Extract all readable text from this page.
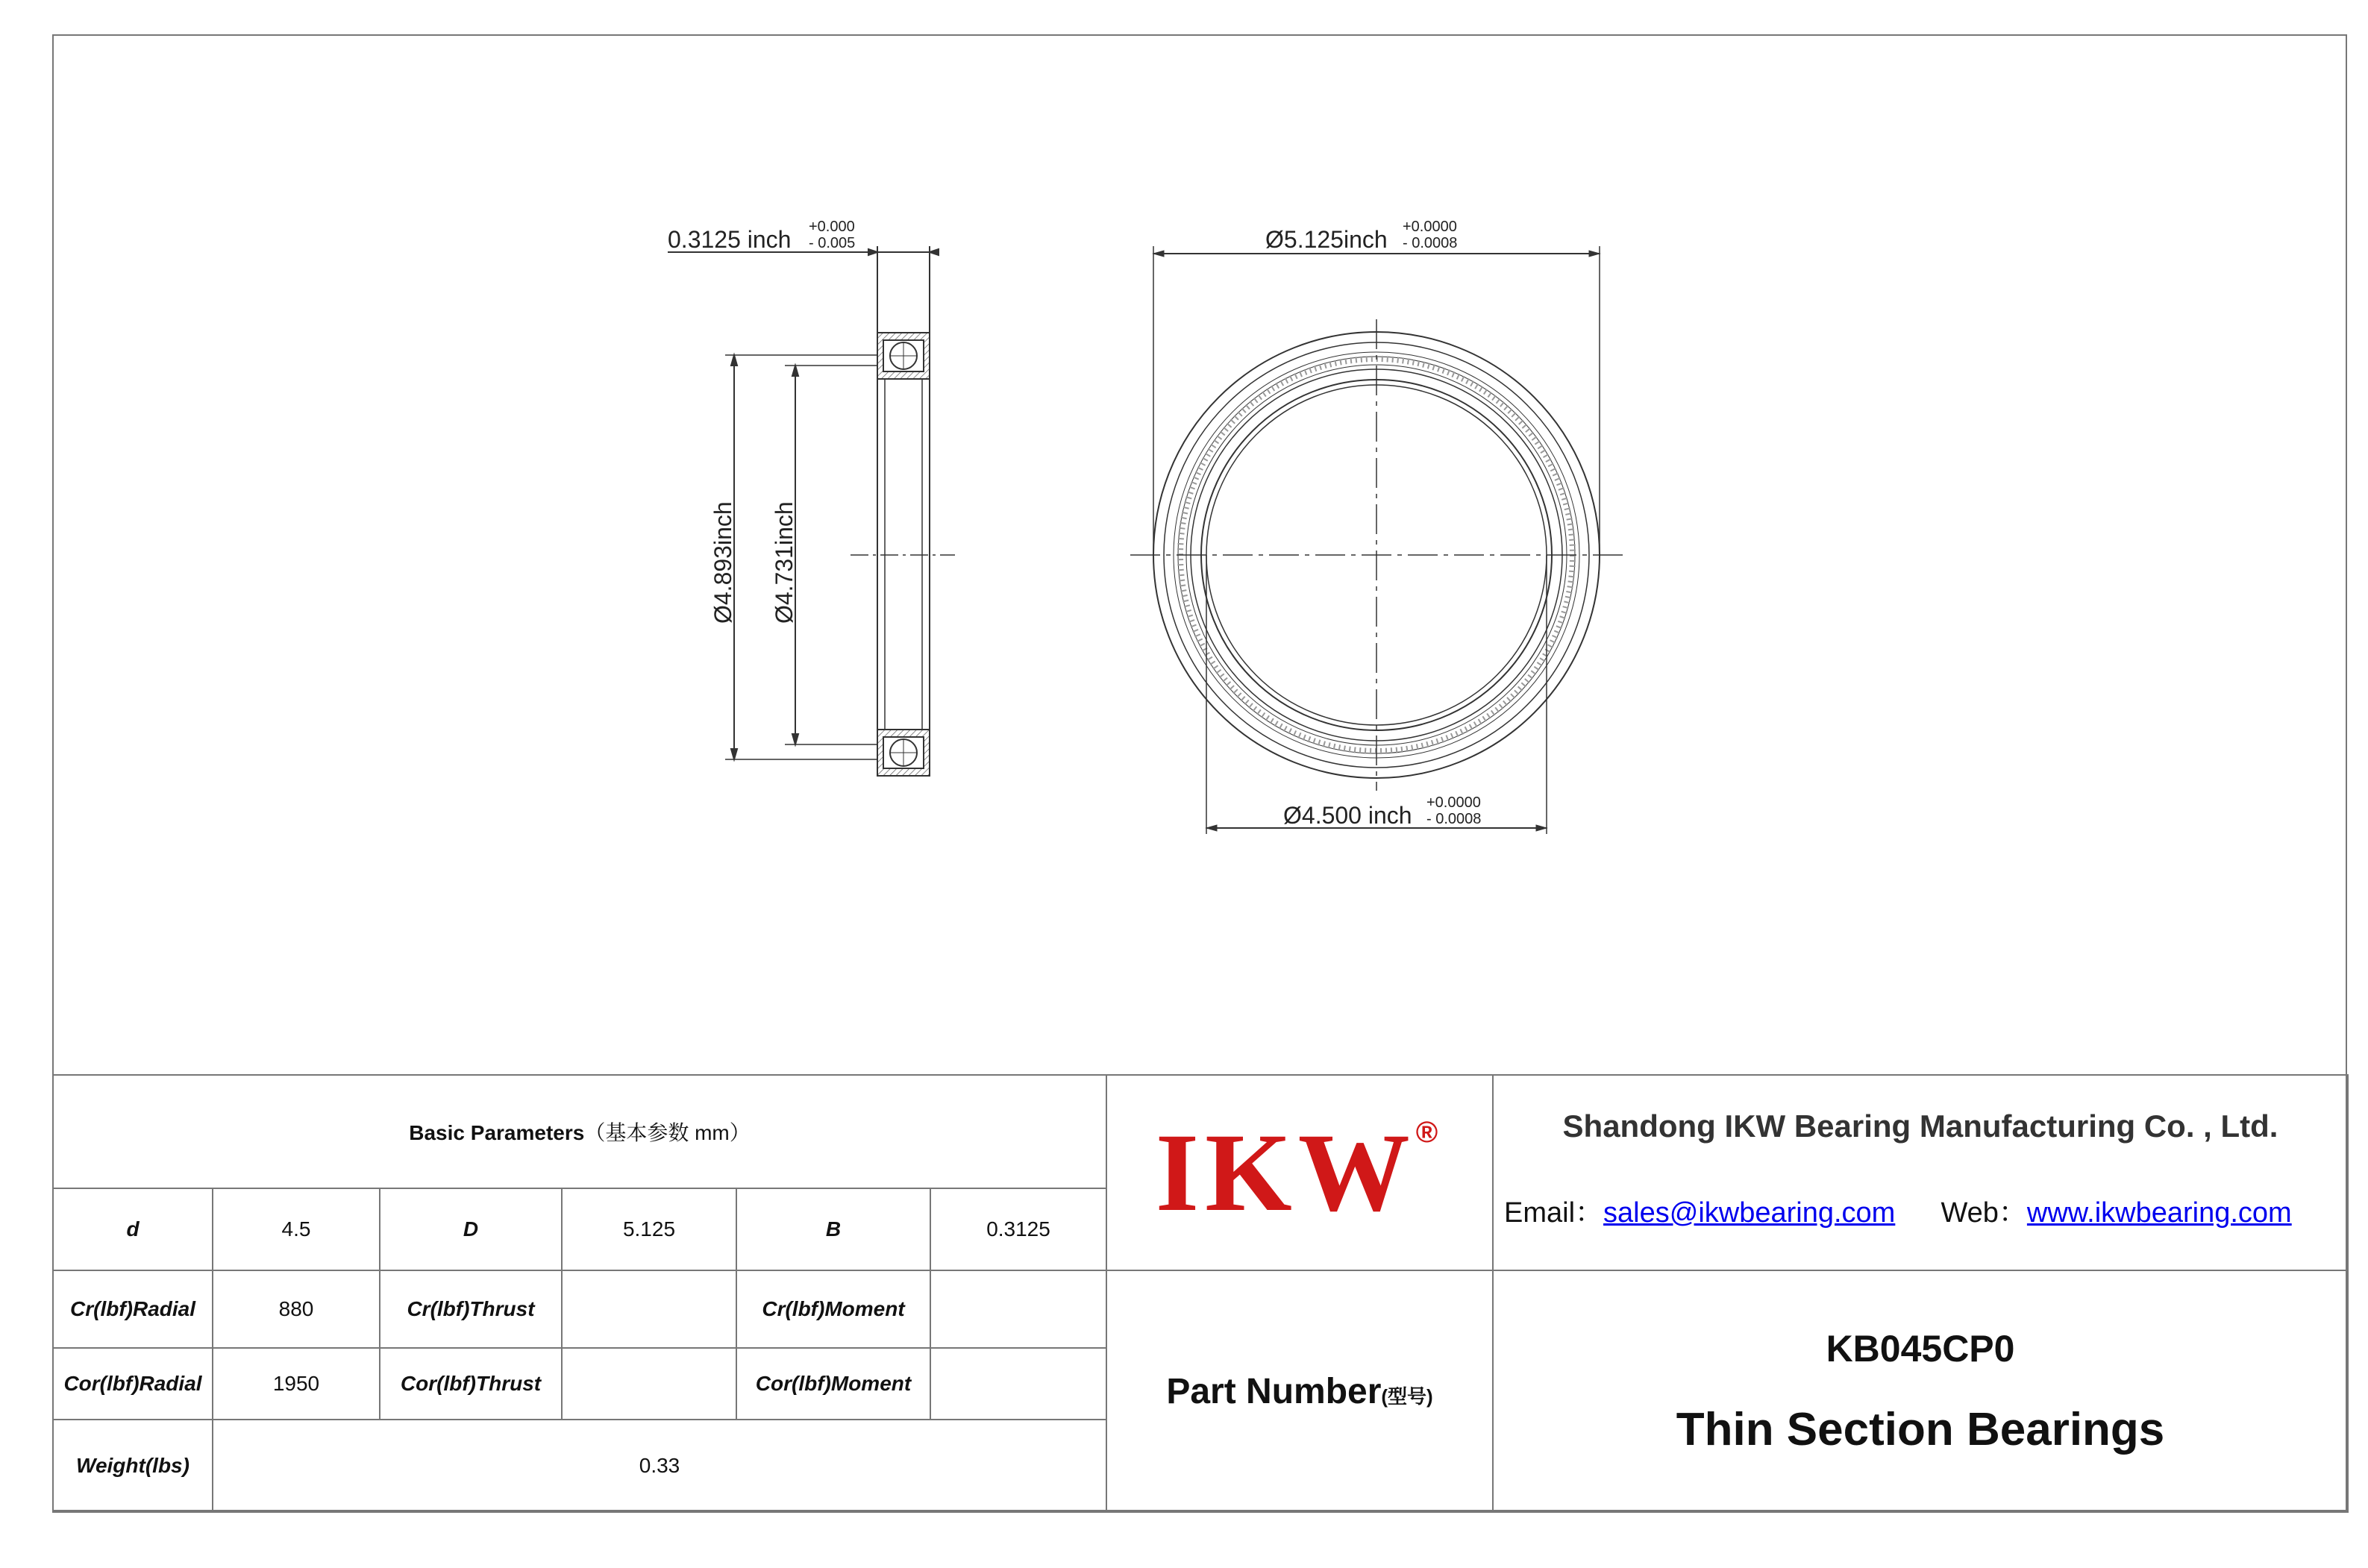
0.3125 inch +0.000
- 0.005
Ø4.893inch Ø4.731inch
Ø5.125inch +0.0000
- 0.0008
Ø4.500 inch +0.0000
- 0.0008
Basic Parameters（基本参数 mm）						IKW®	Shandong IKW Bearing Manufacturing Co. , Ltd.
Email：sales@ikwbearing.com Web：www.ikwbearing.com

d	4.5	D	5.125	B	0.3125		
Cr(lbf)Radial	880	Cr(lbf)Thrust		Cr(lbf)Moment		Part Number(型号)	KB045CP0
Thin Section Bearings

Cor(lbf)Radial	1950	Cor(lbf)Thrust		Cor(lbf)Moment			
Weight(lbs)	0.33						
